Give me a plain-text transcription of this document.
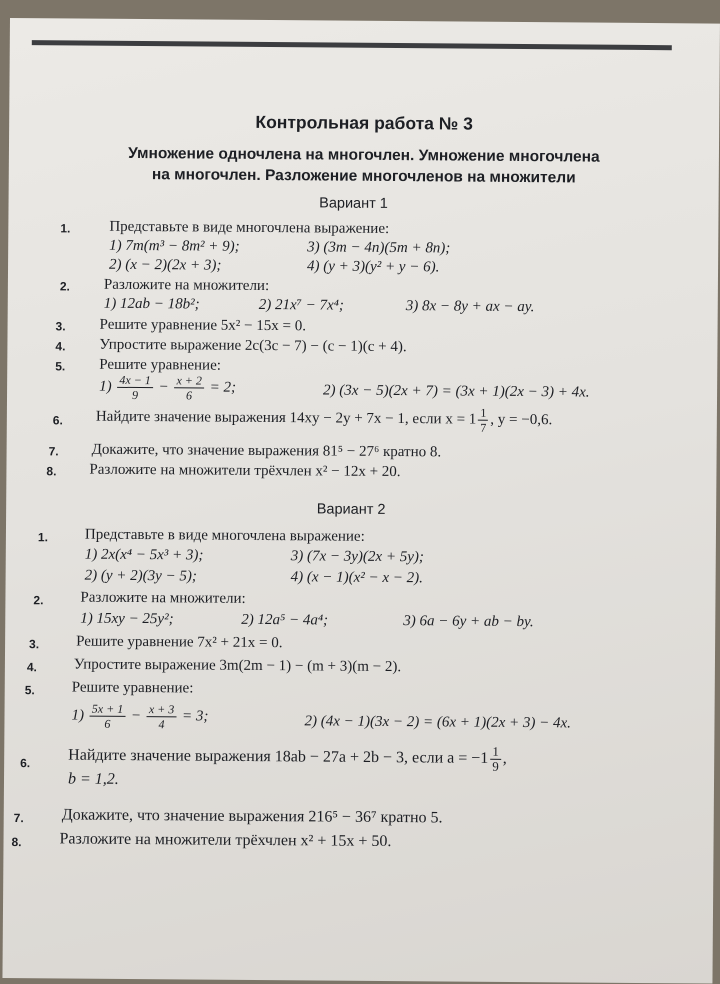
Контрольная работа № 3
Умножение одночлена на многочлен. Умножение многочлена
на многочлен. Разложение многочленов на множители
Вариант 1
1.	Представьте в виде многочлена выражение:
1) 7m(m³ − 8m² + 9);	3) (3m − 4n)(5m + 8n);
2) (x − 2)(2x + 3);	4) (y + 3)(y² + y − 6).
2. Разложите на множители:
1) 12ab − 18b²;	2) 21x⁷ − 7x⁴;	3) 8x − 8y + ax − ay.
3. Решите уравнение 5x² − 15x = 0.
4. Упростите выражение 2c(3c − 7) − (c − 1)(c + 4).
5. Решите уравнение:
$1) \frac{4x - 1}{9} - \frac{x + 2}{6} = 2$;	2) (3x − 5)(2x + 7) = (3x + 1)(2x − 3) + 4x.
6. Найдите значение выражения 14xy − 2y + 7x − 1, если $x = 1 \frac{1}{7}$ , y = −0,6.
7. Докажите, что значение выражения 81⁵ − 27⁶ кратно 8.
8. Разложите на множители трёхчлен x² − 12x + 20.
Вариант 2
1. Представьте в виде многочлена выражение:
1) 2x(x⁴ − 5x³ + 3);	3) (7x − 3y)(2x + 5y);
2) (y + 2)(3y − 5);	4) (x − 1)(x² − x − 2).
2. Разложите на множители:
1) 15xy − 25y²;	2) 12a⁵ − 4a⁴;	3) 6a − 6y + ab − by.
3. Решите уравнение 7x² + 21x = 0.
4. Упростите выражение 3m(2m − 1) − (m + 3)(m − 2).
5. Решите уравнение:
$1) \frac{5x + 1}{6} - \frac{x + 3}{4} = 3$;	2) (4x − 1)(3x − 2) = (6x + 1)(2x + 3) − 4x.
6. Найдите значение выражения 18ab − 27a + 2b − 3, если $a = -1 \frac{1}{9}$ ,
b = 1,2.
7. Докажите, что значение выражения 216⁵ − 36⁷ кратно 5.
8. Разложите на множители трёхчлен x² + 15x + 50.
